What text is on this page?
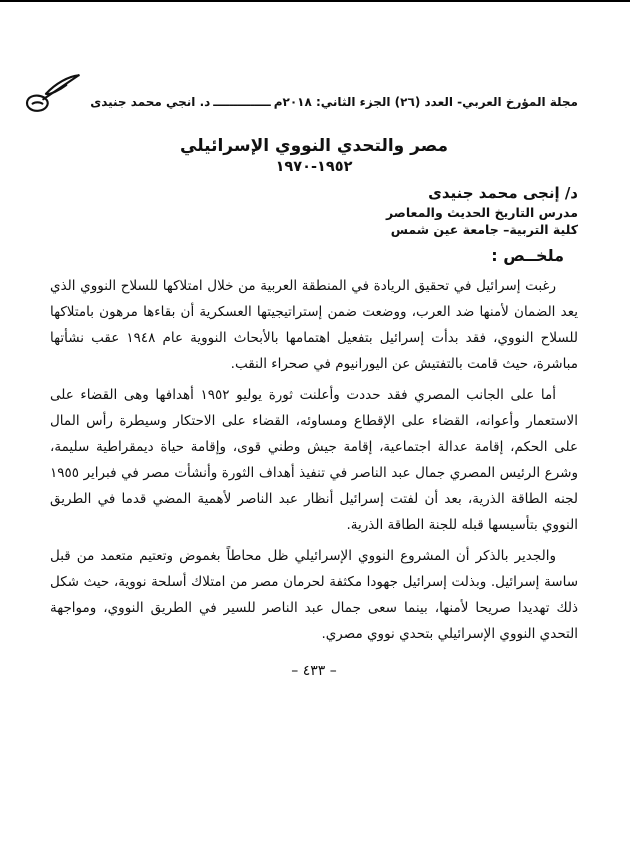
مجلة المؤرخ العربي- العدد (٢٦) الجزء الثاني: ٢٠١٨م
ــــــــــــــ
د. انجي محمد جنيدى
مصر والتحدي النووي الإسرائيلي
١٩٥٢-١٩٧٠
د/ إنجى محمد جنيدى
مدرس التاريخ الحديث والمعاصر
كلية التربية– جامعة عين شمس
ملخــص :

رغبت إسرائيل في تحقيق الريادة في المنطقة العربية من خلال امتلاكها للسلاح النووي الذي يعد الضمان لأمنها ضد العرب، ووضعت ضمن إستراتيجيتها العسكرية أن بقاءها مرهون بامتلاكها للسلاح النووي، فقد بدأت إسرائيل بتفعيل اهتمامها بالأبحاث النووية عام ١٩٤٨ عقب نشأتها مباشرة، حيث قامت بالتفتيش عن اليورانيوم في صحراء النقب.

أما على الجانب المصري فقد حددت وأعلنت ثورة يوليو ١٩٥٢ أهدافها وهى القضاء على الاستعمار وأعوانه، القضاء على الإقطاع ومساوئه، القضاء على الاحتكار وسيطرة رأس المال على الحكم، إقامة عدالة اجتماعية، إقامة جيش وطني قوى، وإقامة حياة ديمقراطية سليمة، وشرع الرئيس المصري جمال عبد الناصر في تنفيذ أهداف الثورة وأنشأت مصر في فبراير ١٩٥٥ لجنه الطاقة الذرية، بعد أن لفتت إسرائيل أنظار عبد الناصر لأهمية المضي قدما في الطريق النووي بتأسيسها قبله للجنة الطاقة الذرية.

والجدير بالذكر أن المشروع النووي الإسرائيلي ظل محاطاً بغموض وتعتيم متعمد من قبل ساسة إسرائيل. وبذلت إسرائيل جهودا مكثفة لحرمان مصر من امتلاك أسلحة نووية، حيث شكل ذلك تهديدا صريحا لأمنها، بينما سعى جمال عبد الناصر للسير في الطريق النووي، ومواجهة التحدي النووي الإسرائيلي بتحدي نووي مصري.

– ٤٣٣ –
